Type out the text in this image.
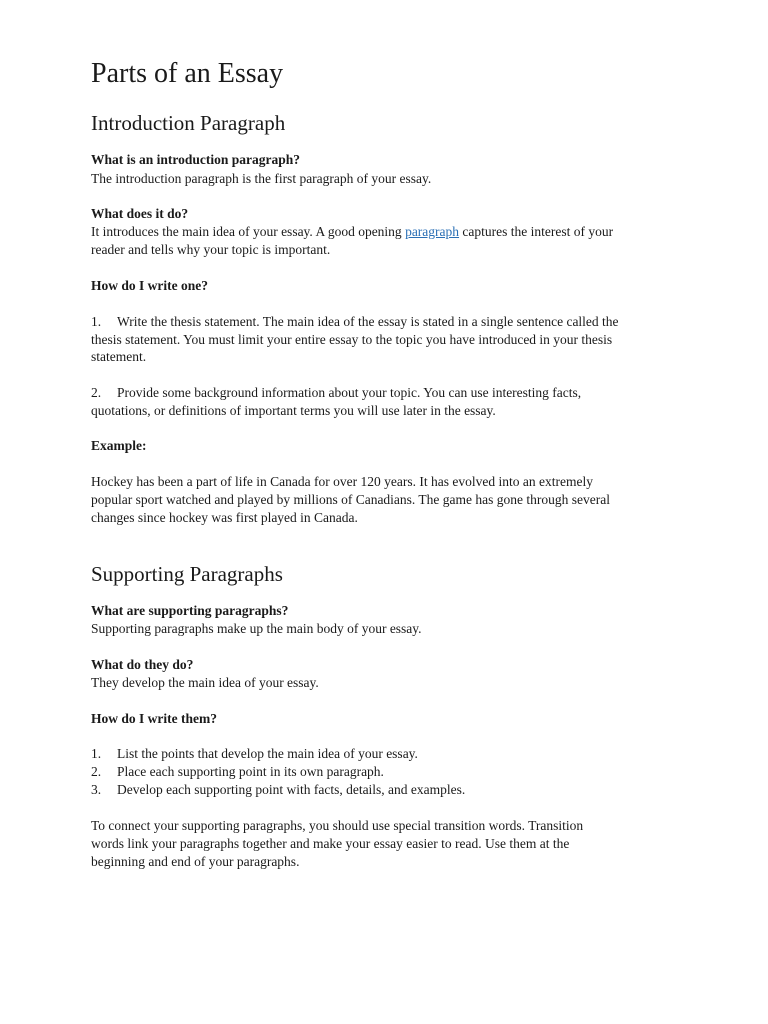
Parts of an Essay
Introduction Paragraph
What is an introduction paragraph?
The introduction paragraph is the first paragraph of your essay.
What does it do?
It introduces the main idea of your essay. A good opening paragraph captures the interest of your
reader and tells why your topic is important.
How do I write one?
1. Write the thesis statement. The main idea of the essay is stated in a single sentence called the
thesis statement. You must limit your entire essay to the topic you have introduced in your thesis
statement.
2. Provide some background information about your topic. You can use interesting facts,
quotations, or definitions of important terms you will use later in the essay.
Example:
Hockey has been a part of life in Canada for over 120 years. It has evolved into an extremely
popular sport watched and played by millions of Canadians. The game has gone through several
changes since hockey was first played in Canada.
Supporting Paragraphs
What are supporting paragraphs?
Supporting paragraphs make up the main body of your essay.
What do they do?
They develop the main idea of your essay.
How do I write them?
1. List the points that develop the main idea of your essay.
2. Place each supporting point in its own paragraph.
3. Develop each supporting point with facts, details, and examples.
To connect your supporting paragraphs, you should use special transition words. Transition
words link your paragraphs together and make your essay easier to read. Use them at the
beginning and end of your paragraphs.
